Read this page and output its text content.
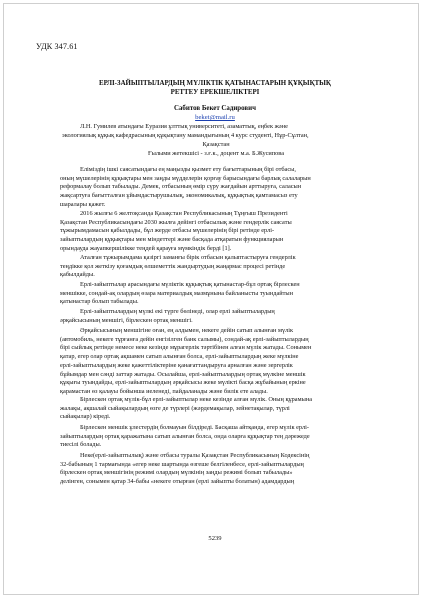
УДК 347.61
ЕРЛІ-ЗАЙЫПТЫЛАРДЫҢ МҮЛІКТІК ҚАТЫНАСТАРЫН ҚҰҚЫҚТЫҚ
РЕТТЕУ ЕРЕКШЕЛІКТЕРІ
Сабитов Бекет Садирович
beket@mail.ru
Л.Н. Гумилев атындағы Еуразия ұлттық университеті, азаматтық, еңбек және
экологиялық құқық кафедрасының құқықтану мамандығының 4 курс студенті, Нұр-Сұлтан,
Қазақстан
Ғылыми жетекшісі - з.ғ.к., доцент м.а. Б.Жусипова
Еліміздің ішкі саясатындағы ең маңызды қызмет ету бағыттарының бірі отбасы,
оның мүшелерінің құқықтары мен заңды мүдделерін қорғау барысындағы барлық салаларын
реформалау болып табылады. Демек, отбасының өмір сүру жағдайын арттыруға, саласын
жақсартуға бағытталған ұйымдастырушылық, экономикалық, құқықтық қамтамасыз ету
шаралары қажет.
2016 жылғы 6 желтоқсанда Қазақстан Республикасының Тұңғыш Президенті
Қазақстан Республикасындағы 2030 жылға дейінгі отбасылық және гендерлік саясаты
тұжырымдамасын қабылдады, бұл жерде отбасы мүшелерінің бірі ретінде ерлі-
зайыптылардың құқықтары мен міндеттері және басқада атқаратын функцияларын
орындауда жауапкершілікке теңдей қарауға мүмкіндік берді [1].
Аталған тұжырымдама қазіргі заманғы бірік отбасын қалыптастыруға гендерлік
теңдікке қол жеткізу қоғамдық өлшеметтік жандыртудың жаңармас процесі ретінде
қабылдайды.
Ерлі-зайыптылар арасындағы мүліктік құқықтық қатынастар-бұл ортақ бірлескен
меншікке, сондай-ақ олардың өзара материалдық мазмұнына байланысты туындайтын
қатынастар болып табылады.
Ерлі-зайыптылардың мүлкі екі түрге бөлінеді, олар ерлі зайыптылардың
әрқайсысының меншігі, бірлескен ортақ меншігі.
Әрқайсысының меншігіне оған, ең алдымен, некеге дейін сатып алынған мүлік
(автомобиль, некеге тұрғанға дейін енгізілген банк салымы), сондай-ақ ерлі-зайыптылардың
бірі сыйлық ретінде немесе неке кезінде мұрагерлік тәртібінен алған мүлік жатады. Сонымен
қатар, егер олар ортақ ақшамен сатып алынған болса, ерлі-зайыптылардың жеке мүлкіне
ерлі-зайыптылардың жеке қажеттіліктеріне қанағаттандыруға арналған және зергерлік
бұйымдар мен сәнді заттар жатады. Осылайша, ерлі-зайыптылардың ортақ мүлкіне меншік
құқығы туындайды, ерлі-зайыптылардың әрқайсысы жеке мүлікті басқа жұбайының еркіне
қарамастан өз қалауы бойынша иеленеді, пайдаланады және билік ете алады.
Бірлескен ортақ мүлік-бұл ерлі-зайыптылар неке кезінде алған мүлік. Оның құрамына
жалақы, ақшалай сыйақылардың өзге де түрлері (жәрдемақылар, зейнетақылар, түрлі
сыйақылар) кіреді.
Бірлескен меншік ұлестердің болмауын білдіреді. Басқаша айтқанда, егер мүлік ерлі-
зайыптылардың ортақ қаражатына сатып алынған болса, онда оларға құқықтар тең дәрежеде
тиесілі болады.
Неке(ерлі-зайыптылық) және отбасы туралы Қазақстан Республикасының Кодексінің
32-бабының 1 тармағында «егер неке шартында өзгеше белгіленбесе, ерлі-зайыптылардың
бірлескен ортақ меншігінің режимі олардың мүлкінің заңды режимі болып табылады»
делінген, сонымен қатар 34-бабы «некеге отырған (ерлі зайыпты болатын) адамдардың
5239
